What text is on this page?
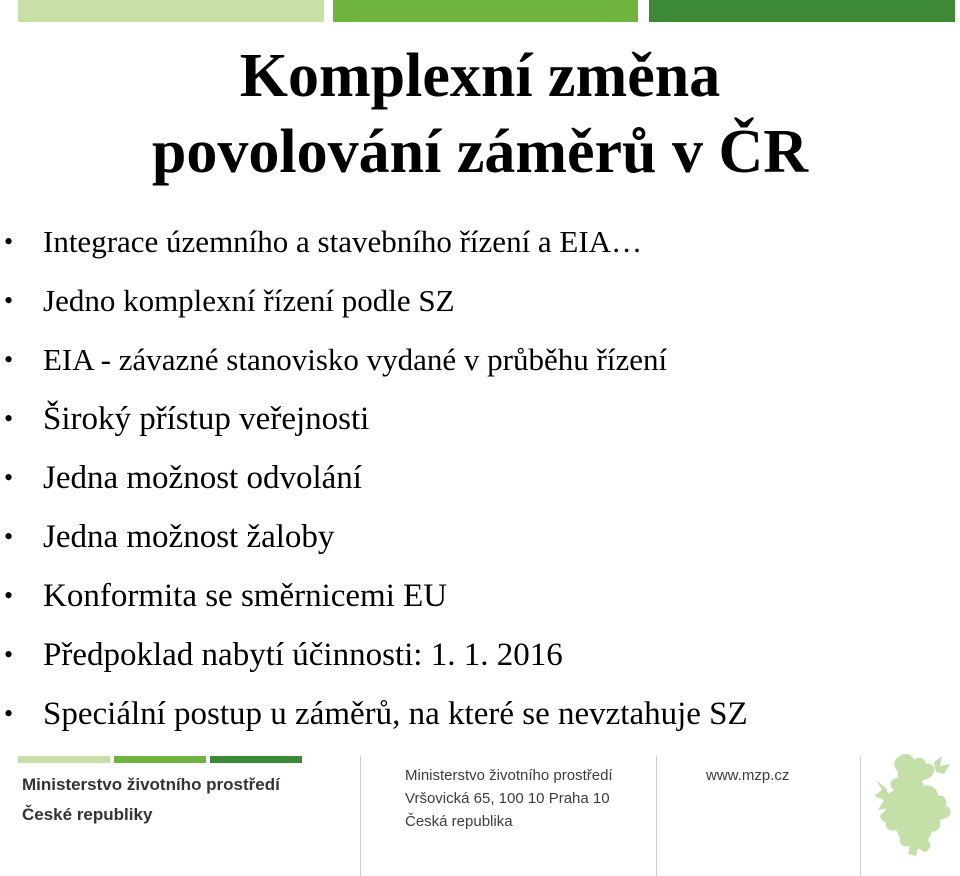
Komplexní změna
povolování záměrů v ČR
• Integrace územního a stavebního řízení a EIA…
• Jedno komplexní řízení podle SZ
• EIA - závazné stanovisko vydané v průběhu řízení
• Široký přístup veřejnosti
• Jedna možnost odvolání
• Jedna možnost žaloby
• Konformita se směrnicemi EU
• Předpoklad nabytí účinnosti: 1. 1. 2016
• Speciální postup u záměrů, na které se nevztahuje SZ
Ministerstvo životního prostředí
České republiky
Ministerstvo životního prostředí
Vršovická 65, 100 10 Praha 10
Česká republika
www.mzp.cz
